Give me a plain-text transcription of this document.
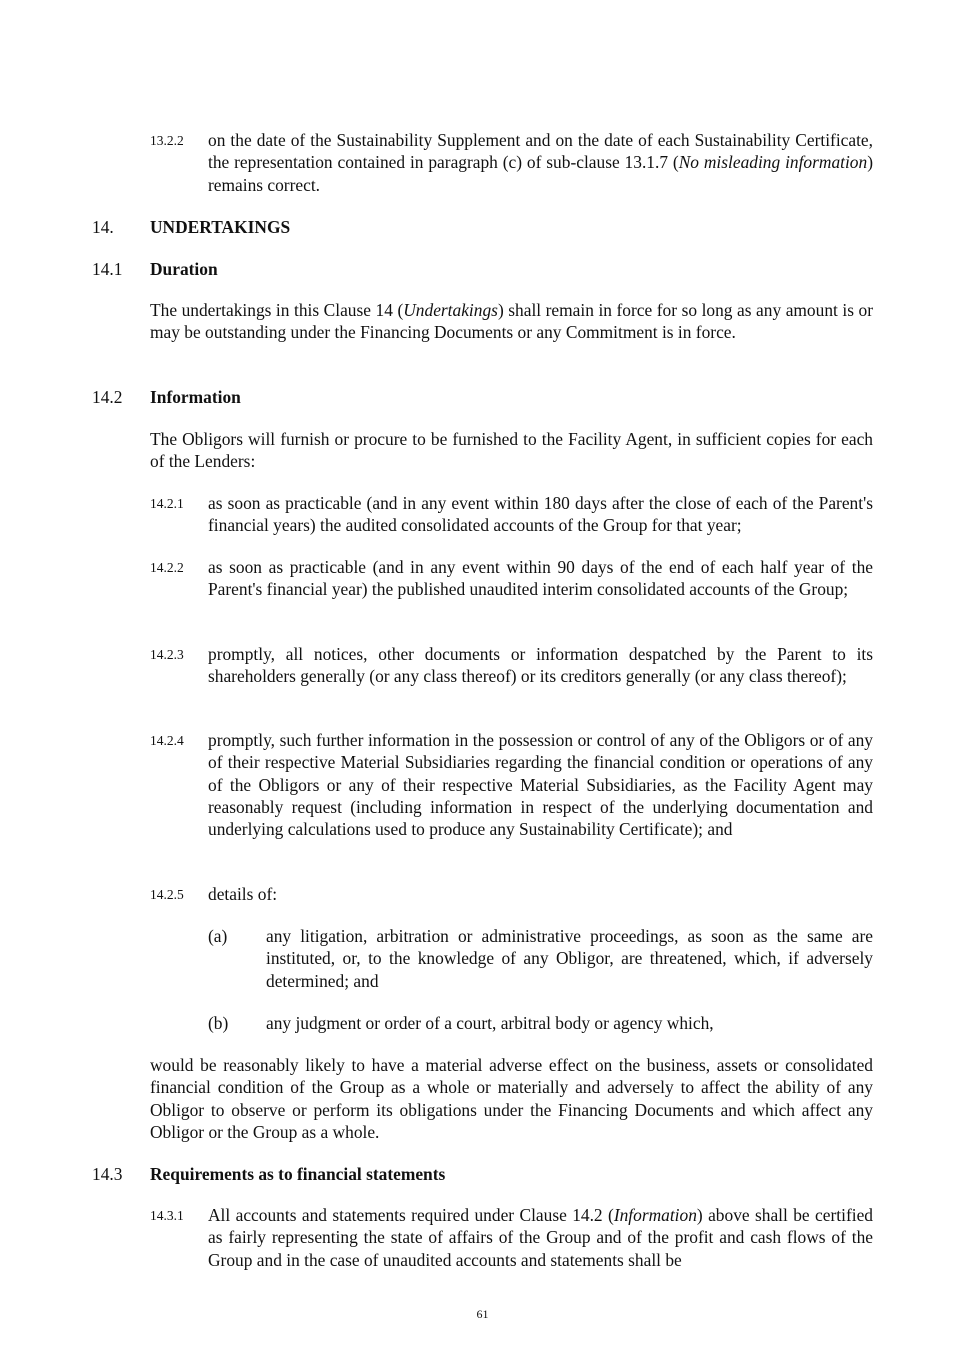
13.2.2 on the date of the Sustainability Supplement and on the date of each Sustainability Certificate, the representation contained in paragraph (c) of sub-clause 13.1.7 (No misleading information) remains correct.
14. UNDERTAKINGS
14.1 Duration
The undertakings in this Clause 14 (Undertakings) shall remain in force for so long as any amount is or may be outstanding under the Financing Documents or any Commitment is in force.
14.2 Information
The Obligors will furnish or procure to be furnished to the Facility Agent, in sufficient copies for each of the Lenders:
14.2.1 as soon as practicable (and in any event within 180 days after the close of each of the Parent's financial years) the audited consolidated accounts of the Group for that year;
14.2.2 as soon as practicable (and in any event within 90 days of the end of each half year of the Parent's financial year) the published unaudited interim consolidated accounts of the Group;
14.2.3 promptly, all notices, other documents or information despatched by the Parent to its shareholders generally (or any class thereof) or its creditors generally (or any class thereof);
14.2.4 promptly, such further information in the possession or control of any of the Obligors or of any of their respective Material Subsidiaries regarding the financial condition or operations of any of the Obligors or any of their respective Material Subsidiaries, as the Facility Agent may reasonably request (including information in respect of the underlying documentation and underlying calculations used to produce any Sustainability Certificate); and
14.2.5 details of:
(a) any litigation, arbitration or administrative proceedings, as soon as the same are instituted, or, to the knowledge of any Obligor, are threatened, which, if adversely determined; and
(b) any judgment or order of a court, arbitral body or agency which,
would be reasonably likely to have a material adverse effect on the business, assets or consolidated financial condition of the Group as a whole or materially and adversely to affect the ability of any Obligor to observe or perform its obligations under the Financing Documents and which affect any Obligor or the Group as a whole.
14.3 Requirements as to financial statements
14.3.1 All accounts and statements required under Clause 14.2 (Information) above shall be certified as fairly representing the state of affairs of the Group and of the profit and cash flows of the Group and in the case of unaudited accounts and statements shall be
61
